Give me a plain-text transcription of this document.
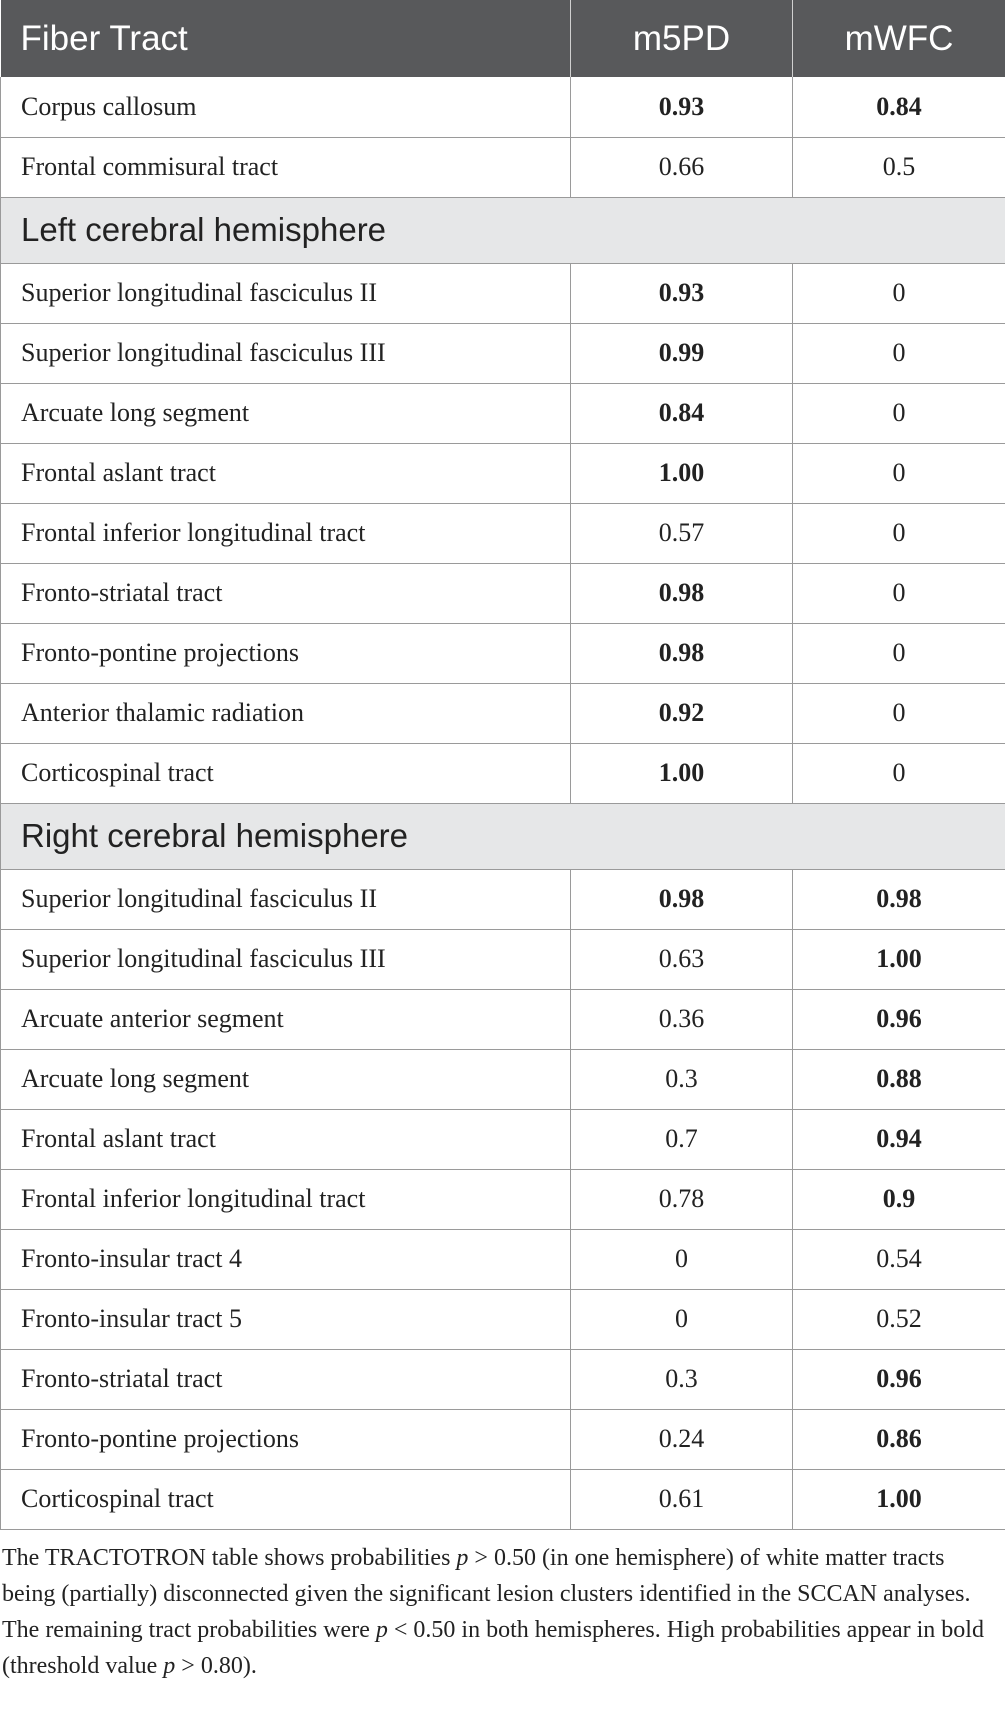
Fiber Tract	m5PD	mWFC
Corpus callosum	0.93	0.84
Frontal commisural tract	0.66	0.5
Left cerebral hemisphere		
Superior longitudinal fasciculus II	0.93	0
Superior longitudinal fasciculus III	0.99	0
Arcuate long segment	0.84	0
Frontal aslant tract	1.00	0
Frontal inferior longitudinal tract	0.57	0
Fronto-striatal tract	0.98	0
Fronto-pontine projections	0.98	0
Anterior thalamic radiation	0.92	0
Corticospinal tract	1.00	0
Right cerebral hemisphere		
Superior longitudinal fasciculus II	0.98	0.98
Superior longitudinal fasciculus III	0.63	1.00
Arcuate anterior segment	0.36	0.96
Arcuate long segment	0.3	0.88
Frontal aslant tract	0.7	0.94
Frontal inferior longitudinal tract	0.78	0.9
Fronto-insular tract 4	0	0.54
Fronto-insular tract 5	0	0.52
Fronto-striatal tract	0.3	0.96
Fronto-pontine projections	0.24	0.86
Corticospinal tract	0.61	1.00

The TRACTOTRON table shows probabilities p > 0.50 (in one hemisphere) of white matter tracts being (partially) disconnected given the significant lesion clusters identified in the SCCAN analyses. The remaining tract probabilities were p < 0.50 in both hemispheres. High probabilities appear in bold (threshold value p > 0.80).
